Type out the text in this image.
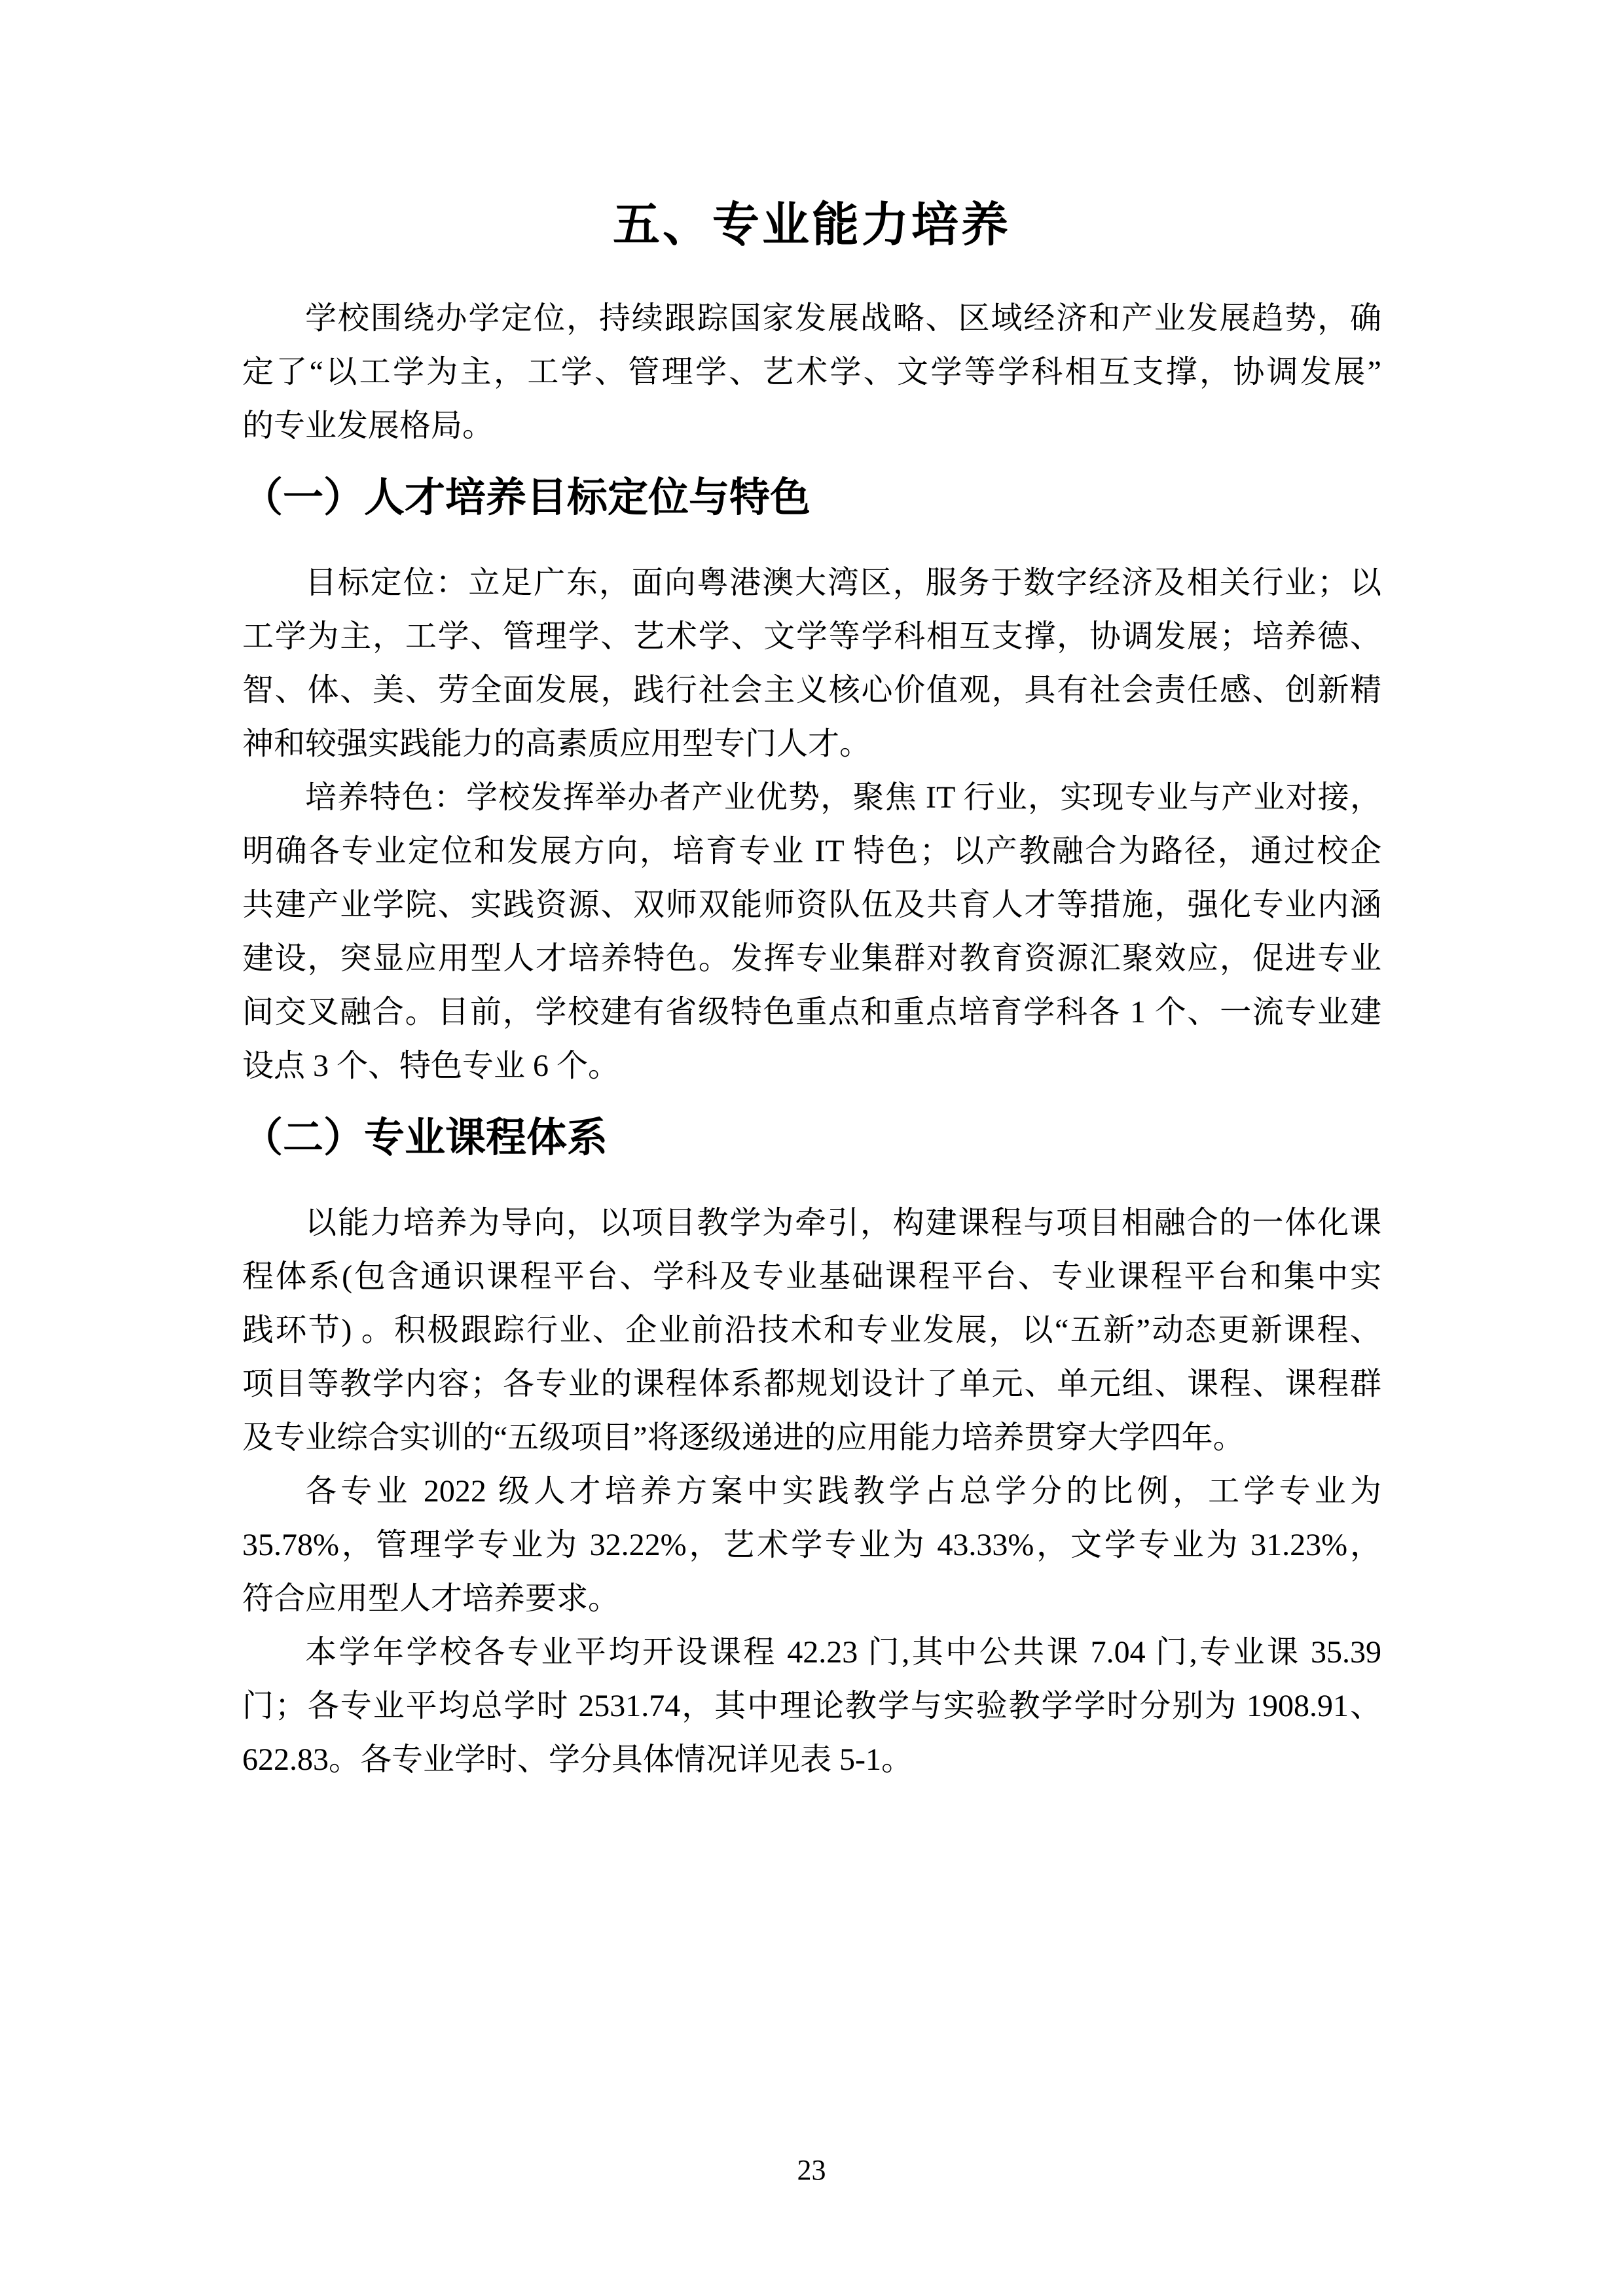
五、专业能力培养

学校围绕办学定位，持续跟踪国家发展战略、区域经济和产业发展趋势，确
定了“以工学为主，工学、管理学、艺术学、文学等学科相互支撑，协调发展”
的专业发展格局。

（一）人才培养目标定位与特色

目标定位：立足广东，面向粤港澳大湾区，服务于数字经济及相关行业；以
工学为主，工学、管理学、艺术学、文学等学科相互支撑，协调发展；培养德、
智、体、美、劳全面发展，践行社会主义核心价值观，具有社会责任感、创新精
神和较强实践能力的高素质应用型专门人才。

培养特色：学校发挥举办者产业优势，聚焦 IT 行业，实现专业与产业对接，
明确各专业定位和发展方向，培育专业 IT 特色；以产教融合为路径，通过校企
共建产业学院、实践资源、双师双能师资队伍及共育人才等措施，强化专业内涵
建设，突显应用型人才培养特色。发挥专业集群对教育资源汇聚效应，促进专业
间交叉融合。目前，学校建有省级特色重点和重点培育学科各 1 个、一流专业建
设点 3 个、特色专业 6 个。

（二）专业课程体系

以能力培养为导向，以项目教学为牵引，构建课程与项目相融合的一体化课
程体系(包含通识课程平台、学科及专业基础课程平台、专业课程平台和集中实
践环节) 。积极跟踪行业、企业前沿技术和专业发展，以“五新”动态更新课程、
项目等教学内容；各专业的课程体系都规划设计了单元、单元组、课程、课程群
及专业综合实训的“五级项目”将逐级递进的应用能力培养贯穿大学四年。

各专业 2022 级人才培养方案中实践教学占总学分的比例，工学专业为
35.78%，管理学专业为 32.22%，艺术学专业为 43.33%，文学专业为 31.23%，
符合应用型人才培养要求。

本学年学校各专业平均开设课程 42.23 门,其中公共课 7.04 门,专业课 35.39
门；各专业平均总学时 2531.74，其中理论教学与实验教学学时分别为 1908.91、
622.83。各专业学时、学分具体情况详见表 5-1。

23
